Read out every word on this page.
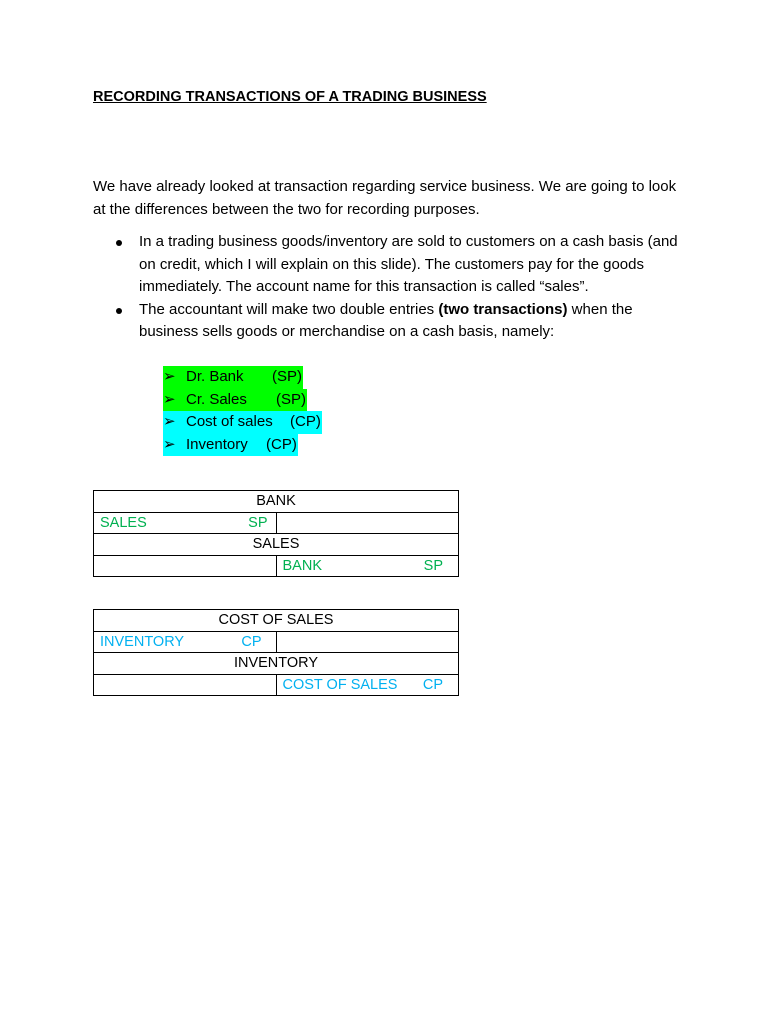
RECORDING TRANSACTIONS OF A TRADING BUSINESS

We have already looked at transaction regarding service business. We are going to look at the differences between the two for recording purposes.

In a trading business goods/inventory are sold to customers on a cash basis (and on credit, which I will explain on this slide). The customers pay for the goods immediately. The account name for this transaction is called “sales”.
The accountant will make two double entries (two transactions) when the business sells goods or merchandise on a cash basis, namely:
➢ Dr. Bank (SP)
➢ Cr. Sales (SP)
➢ Cost of sales (CP)
➢ Inventory (CP)
BANK	

SALES SP	

SALES	

	BANK SP
COST OF SALES	

INVENTORY CP	

INVENTORY	

	COST OF SALES CP
